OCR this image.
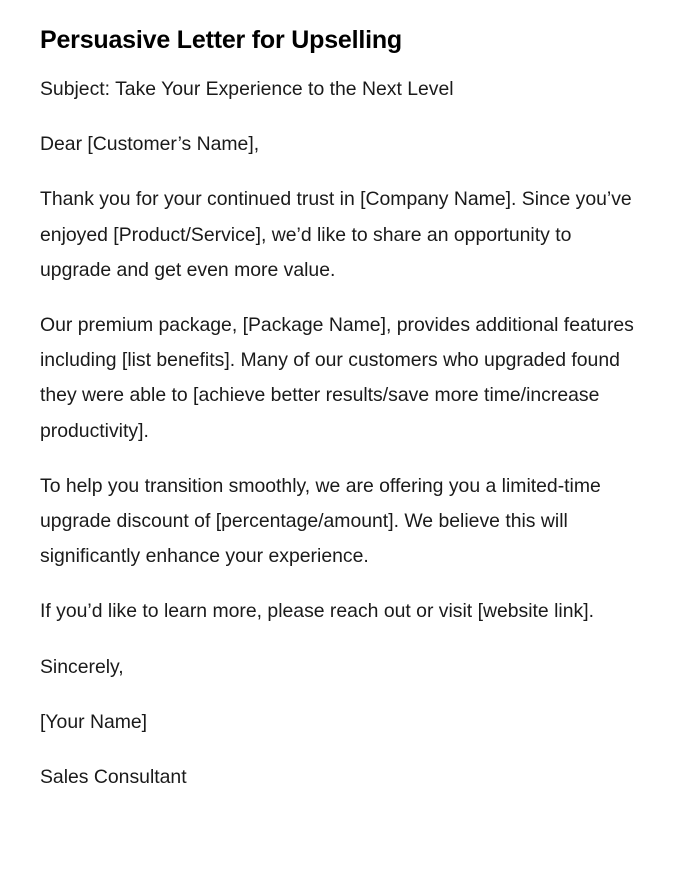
Persuasive Letter for Upselling

Subject: Take Your Experience to the Next Level

Dear [Customer’s Name],

Thank you for your continued trust in [Company Name]. Since you’ve enjoyed [Product/Service], we’d like to share an opportunity to upgrade and get even more value.

Our premium package, [Package Name], provides additional features including [list benefits]. Many of our customers who upgraded found they were able to [achieve better results/save more time/increase productivity].

To help you transition smoothly, we are offering you a limited-time upgrade discount of [percentage/amount]. We believe this will significantly enhance your experience.

If you’d like to learn more, please reach out or visit [website link].

Sincerely,

[Your Name]

Sales Consultant
